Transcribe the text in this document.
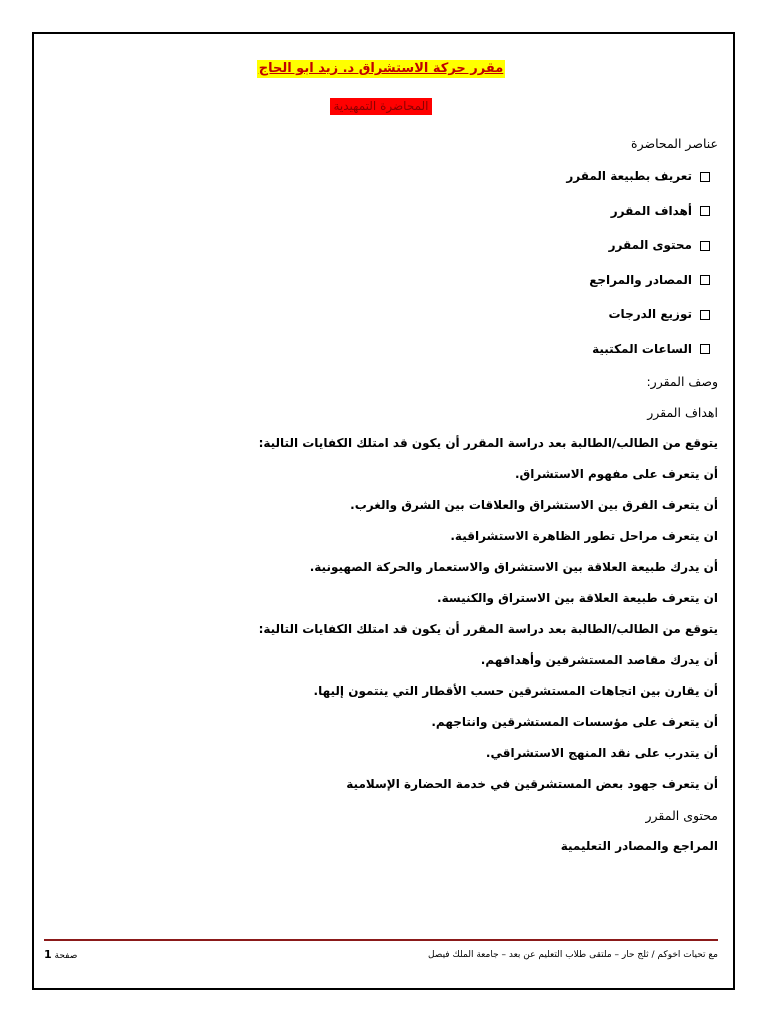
مقرر حركة الاستشراق د. زيد ابو الحاج
المحاضرة التمهيدية
عناصر المحاضرة
تعريف بطبيعة المقرر
أهداف المقرر
محتوى المقرر
المصادر والمراجع
توزيع الدرجات
الساعات المكتبية
وصف المقرر:
اهداف المقرر
يتوقع من الطالب/الطالبة بعد دراسة المقرر أن يكون قد امتلك الكفايات التالية:
أن يتعرف على مفهوم الاستشراق.
أن يتعرف الفرق بين الاستشراق والعلاقات بين الشرق والغرب.
ان يتعرف مراحل تطور الظاهرة الاستشراقية.
أن يدرك طبيعة العلاقة بين الاستشراق والاستعمار والحركة الصهيونية.
ان يتعرف طبيعة العلاقة بين الاستراق والكنيسة.
يتوقع من الطالب/الطالبة بعد دراسة المقرر أن يكون قد امتلك الكفايات التالية:
أن يدرك مقاصد المستشرقين وأهدافهم.
أن يقارن بين اتجاهات المستشرقين حسب الأقطار التي ينتمون إليها.
أن يتعرف على مؤسسات المستشرقين وانتاجهم.
أن يتدرب على نقد المنهج الاستشراقي.
أن يتعرف جهود بعض المستشرقين في خدمة الحضارة الإسلامية
محتوى المقرر
المراجع والمصادر التعليمية
مع تحيات اخوكم / ثلج حار – ملتقى طلاب التعليم عن بعد – جامعة الملك فيصل
صفحة 1
